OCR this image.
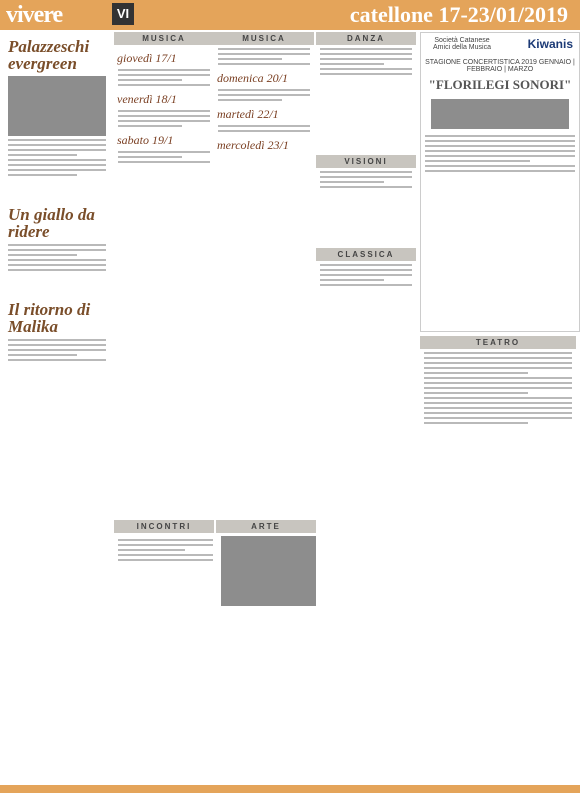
vivere	VI	catellone 17-23/01/2019
Palazzeschi evergreen
Un giallo da ridere
Il ritorno di Malika
MUSICA
giovedì 17/1
venerdì 18/1
sabato 19/1
MUSICA
domenica 20/1
martedì 22/1
mercoledì 23/1
DANZA
VISIONI
CLASSICA
Società Catanese Amici della Musica	Kiwanis
STAGIONE CONCERTISTICA 2019 GENNAIO | FEBBRAIO | MARZO
"FLORILEGI SONORI"
TEATRO
INCONTRI	ARTE
